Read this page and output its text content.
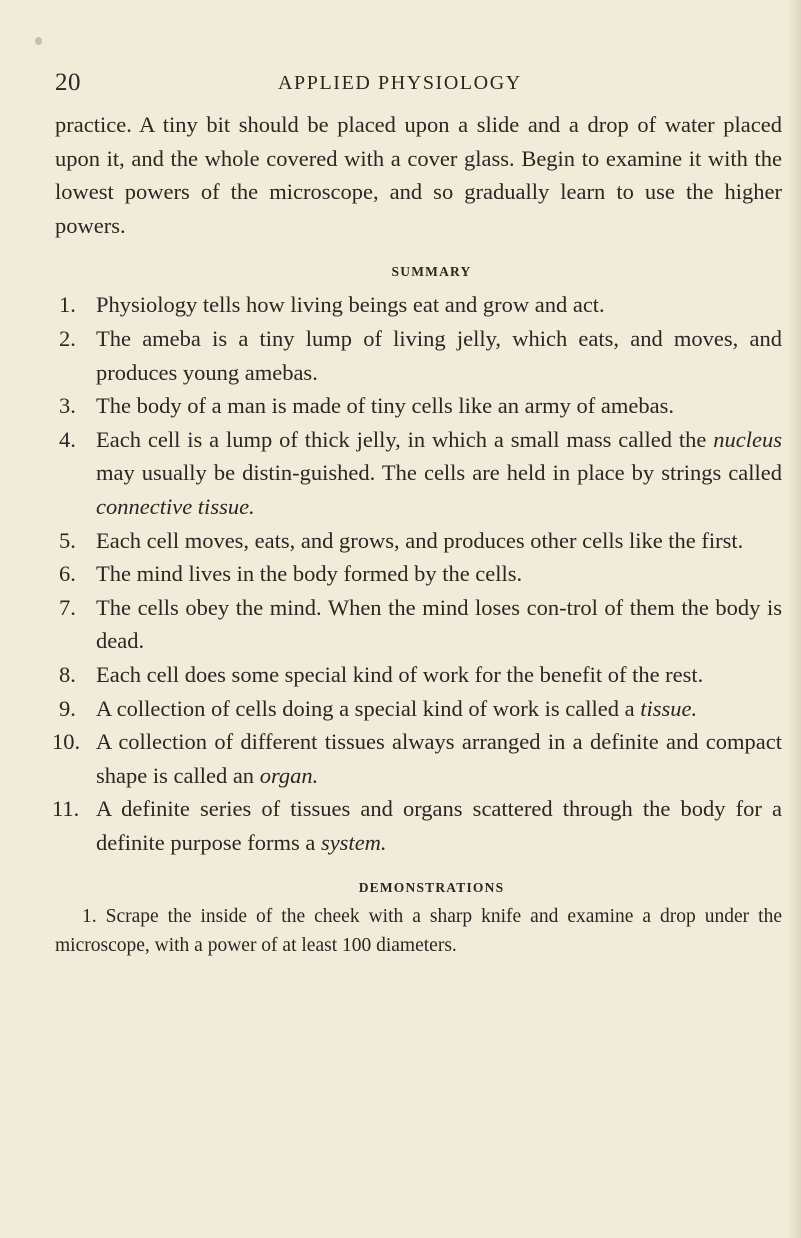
20	APPLIED PHYSIOLOGY

practice. A tiny bit should be placed upon a slide and a drop of water placed upon it, and the whole covered with a cover glass. Begin to examine it with the lowest powers of the microscope, and so gradually learn to use the higher powers.

SUMMARY
1. Physiology tells how living beings eat and grow and act.
2. The ameba is a tiny lump of living jelly, which eats, and moves, and produces young amebas.
3. The body of a man is made of tiny cells like an army of amebas.
4. Each cell is a lump of thick jelly, in which a small mass called the nucleus may usually be distin-guished. The cells are held in place by strings called connective tissue.
5. Each cell moves, eats, and grows, and produces other cells like the first.
6. The mind lives in the body formed by the cells.
7. The cells obey the mind. When the mind loses con-trol of them the body is dead.
8. Each cell does some special kind of work for the benefit of the rest.
9. A collection of cells doing a special kind of work is called a tissue.
10. A collection of different tissues always arranged in a definite and compact shape is called an organ.
11. A definite series of tissues and organs scattered through the body for a definite purpose forms a system.
DEMONSTRATIONS

1. Scrape the inside of the cheek with a sharp knife and examine a drop under the microscope, with a power of at least 100 diameters.
